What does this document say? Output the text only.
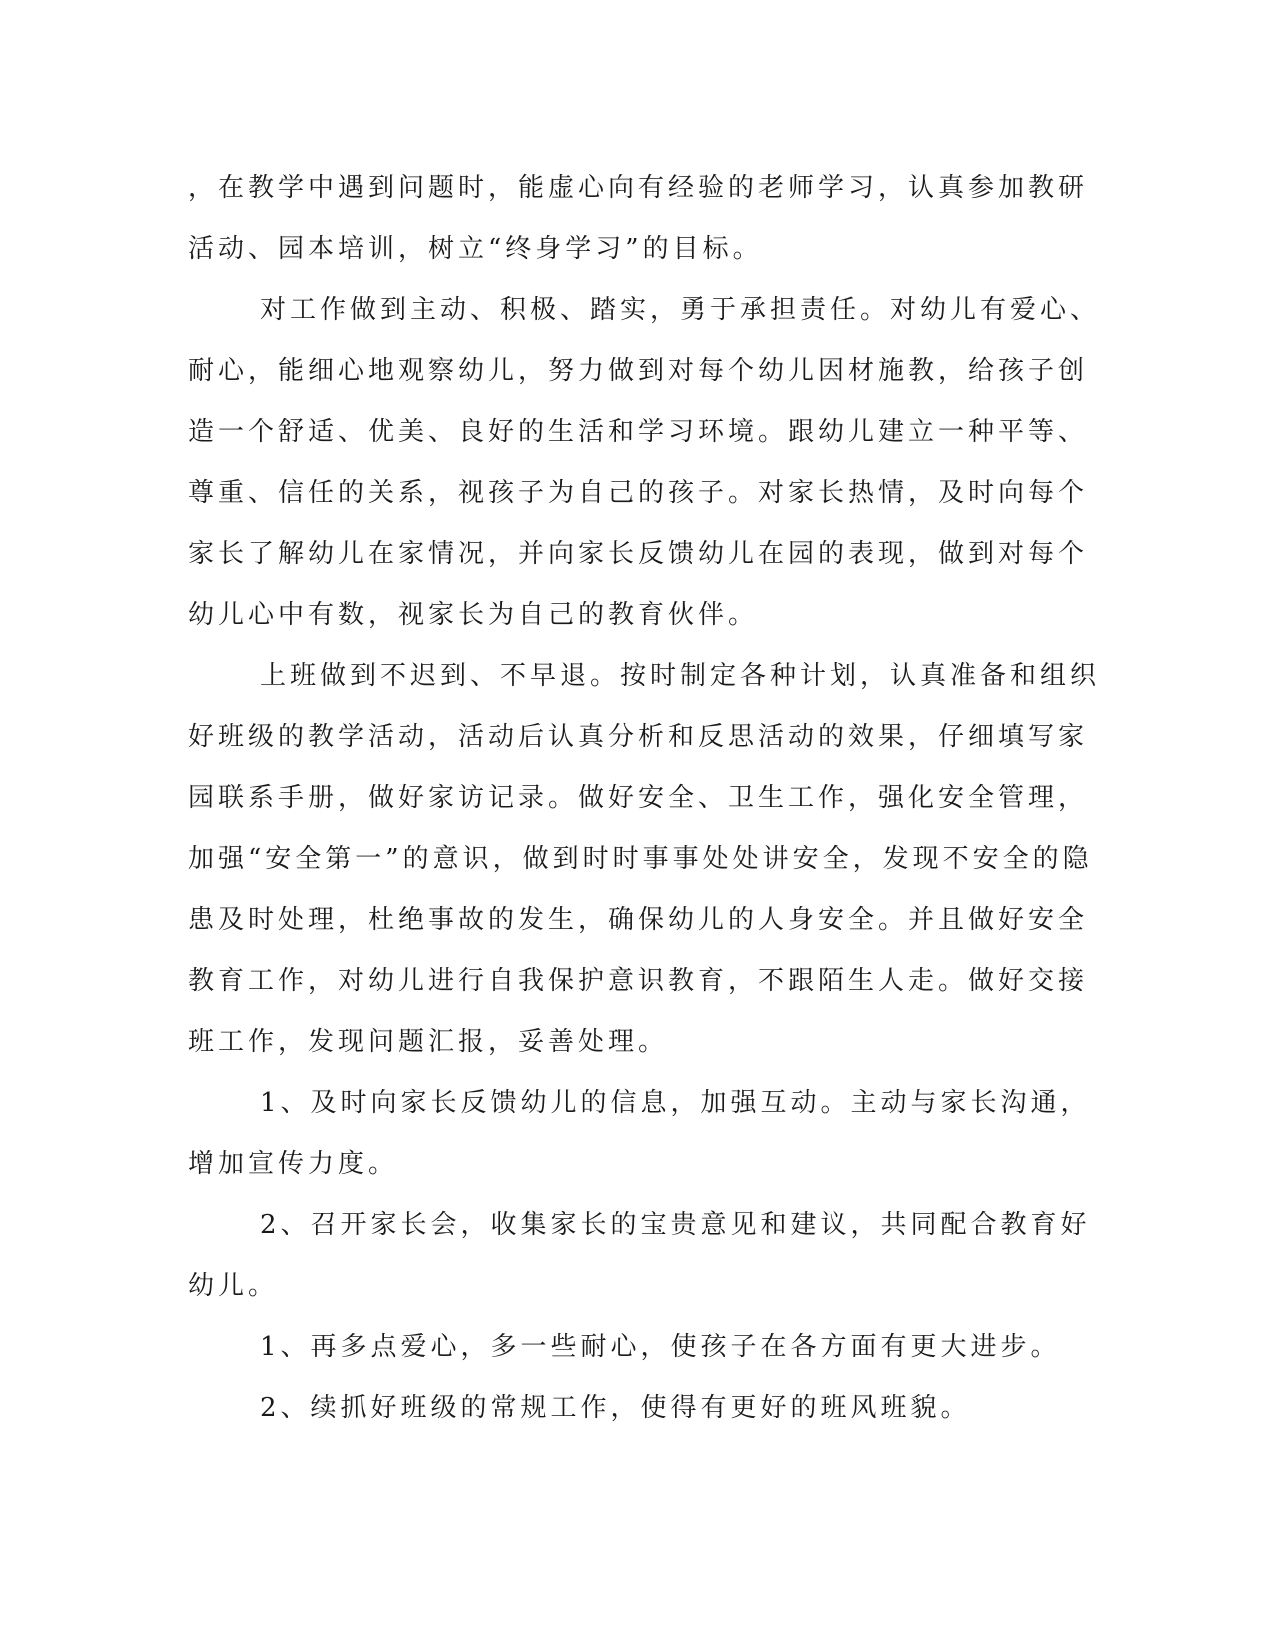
，在教学中遇到问题时，能虚心向有经验的老师学习，认真参加教研
活动、园本培训，树立“终身学习”的目标。
对工作做到主动、积极、踏实，勇于承担责任。对幼儿有爱心、
耐心，能细心地观察幼儿，努力做到对每个幼儿因材施教，给孩子创
造一个舒适、优美、良好的生活和学习环境。跟幼儿建立一种平等、
尊重、信任的关系，视孩子为自己的孩子。对家长热情，及时向每个
家长了解幼儿在家情况，并向家长反馈幼儿在园的表现，做到对每个
幼儿心中有数，视家长为自己的教育伙伴。
上班做到不迟到、不早退。按时制定各种计划，认真准备和组织
好班级的教学活动，活动后认真分析和反思活动的效果，仔细填写家
园联系手册，做好家访记录。做好安全、卫生工作，强化安全管理，
加强“安全第一”的意识，做到时时事事处处讲安全，发现不安全的隐
患及时处理，杜绝事故的发生，确保幼儿的人身安全。并且做好安全
教育工作，对幼儿进行自我保护意识教育，不跟陌生人走。做好交接
班工作，发现问题汇报，妥善处理。
1、及时向家长反馈幼儿的信息，加强互动。主动与家长沟通，
增加宣传力度。
2、召开家长会，收集家长的宝贵意见和建议，共同配合教育好
幼儿。
1、再多点爱心，多一些耐心，使孩子在各方面有更大进步。
2、续抓好班级的常规工作，使得有更好的班风班貌。
